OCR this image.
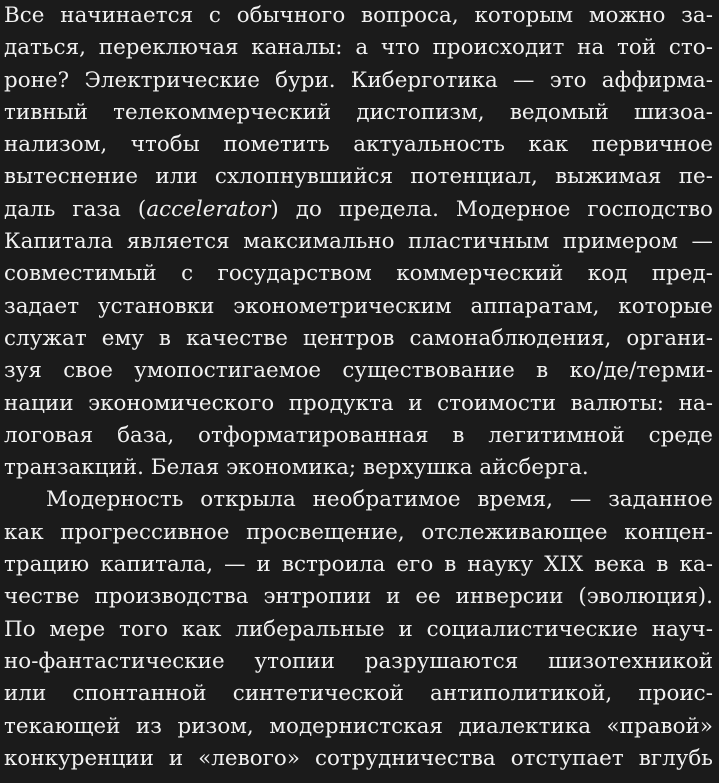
Все начинается с обычного вопроса, которым можно за-
даться, переключая каналы: а что происходит на той сто-
роне? Электрические бури. Киберготика — это аффирма-
тивный телекоммерческий дистопизм, ведомый шизоа-
нализом, чтобы пометить актуальность как первичное
вытеснение или схлопнувшийся потенциал, выжимая пе-
даль газа (accelerator) до предела. Модерное господство
Капитала является максимально пластичным примером —
совместимый с государством коммерческий код пред-
задает установки эконометрическим аппаратам, которые
служат ему в качестве центров самонаблюдения, органи-
зуя свое умопостигаемое существование в ко/де/терми-
нации экономического продукта и стоимости валюты: на-
логовая база, отформатированная в легитимной среде
транзакций. Белая экономика; верхушка айсберга.
Модерность открыла необратимое время, — заданное
как прогрессивное просвещение, отслеживающее концен-
трацию капитала, — и встроила его в науку XIX века в ка-
честве производства энтропии и ее инверсии (эволюция).
По мере того как либеральные и социалистические науч-
но-фантастические утопии разрушаются шизотехникой
или спонтанной синтетической антиполитикой, проис-
текающей из ризом, модернистская диалектика «правой»
конкуренции и «левого» сотрудничества отступает вглубь
